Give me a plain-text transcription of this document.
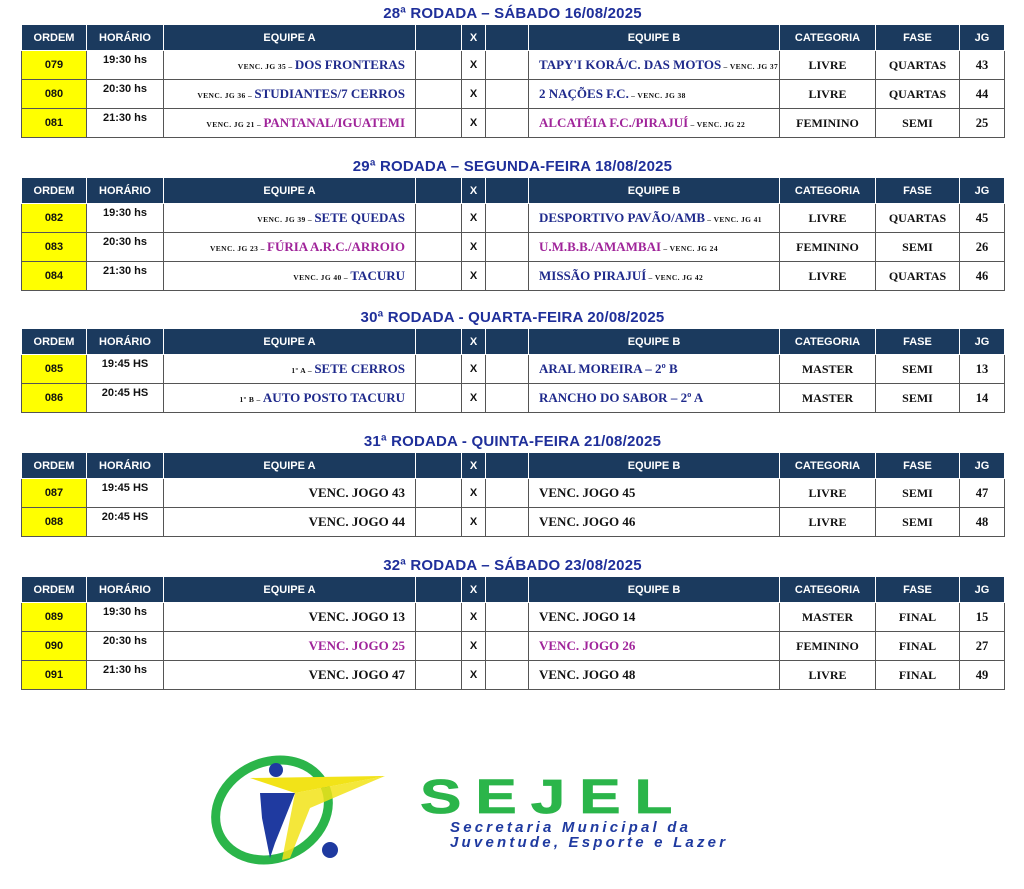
28ª RODADA – SÁBADO 16/08/2025
ORDEM	HORÁRIO	EQUIPE A		X		EQUIPE B	CATEGORIA	FASE	JG
079	19:30 hs	VENC. JG 35 – DOS FRONTERAS		X		TAPY'I KORÁ/C. DAS MOTOS – VENC. JG 37	LIVRE	QUARTAS	43
080	20:30 hs	VENC. JG 36 – STUDIANTES/7 CERROS		X		2 NAÇÕES F.C. – VENC. JG 38	LIVRE	QUARTAS	44
081	21:30 hs	VENC. JG 21 – PANTANAL/IGUATEMI		X		ALCATÉIA F.C./PIRAJUÍ – VENC. JG 22	FEMININO	SEMI	25
29ª RODADA – SEGUNDA-FEIRA 18/08/2025
ORDEM	HORÁRIO	EQUIPE A		X		EQUIPE B	CATEGORIA	FASE	JG
082	19:30 hs	VENC. JG 39 – SETE QUEDAS		X		DESPORTIVO PAVÃO/AMB – VENC. JG 41	LIVRE	QUARTAS	45
083	20:30 hs	VENC. JG 23 – FÚRIA A.R.C./ARROIO		X		U.M.B.B./AMAMBAI – VENC. JG 24	FEMININO	SEMI	26
084	21:30 hs	VENC. JG 40 – TACURU		X		MISSÃO PIRAJUÍ – VENC. JG 42	LIVRE	QUARTAS	46
30ª RODADA - QUARTA-FEIRA 20/08/2025
ORDEM	HORÁRIO	EQUIPE A		X		EQUIPE B	CATEGORIA	FASE	JG
085	19:45 HS	1º A – SETE CERROS		X		ARAL MOREIRA – 2º B	MASTER	SEMI	13
086	20:45 HS	1º B – AUTO POSTO TACURU		X		RANCHO DO SABOR – 2º A	MASTER	SEMI	14
31ª RODADA - QUINTA-FEIRA 21/08/2025
ORDEM	HORÁRIO	EQUIPE A		X		EQUIPE B	CATEGORIA	FASE	JG
087	19:45 HS	VENC. JOGO 43		X		VENC. JOGO 45	LIVRE	SEMI	47
088	20:45 HS	VENC. JOGO 44		X		VENC. JOGO 46	LIVRE	SEMI	48
32ª RODADA – SÁBADO 23/08/2025
ORDEM	HORÁRIO	EQUIPE A		X		EQUIPE B	CATEGORIA	FASE	JG
089	19:30 hs	VENC. JOGO 13		X		VENC. JOGO 14	MASTER	FINAL	15
090	20:30 hs	VENC. JOGO 25		X		VENC. JOGO 26	FEMININO	FINAL	27
091	21:30 hs	VENC. JOGO 47		X		VENC. JOGO 48	LIVRE	FINAL	49
SEJEL
Secretaria Municipal da
Juventude, Esporte e Lazer
